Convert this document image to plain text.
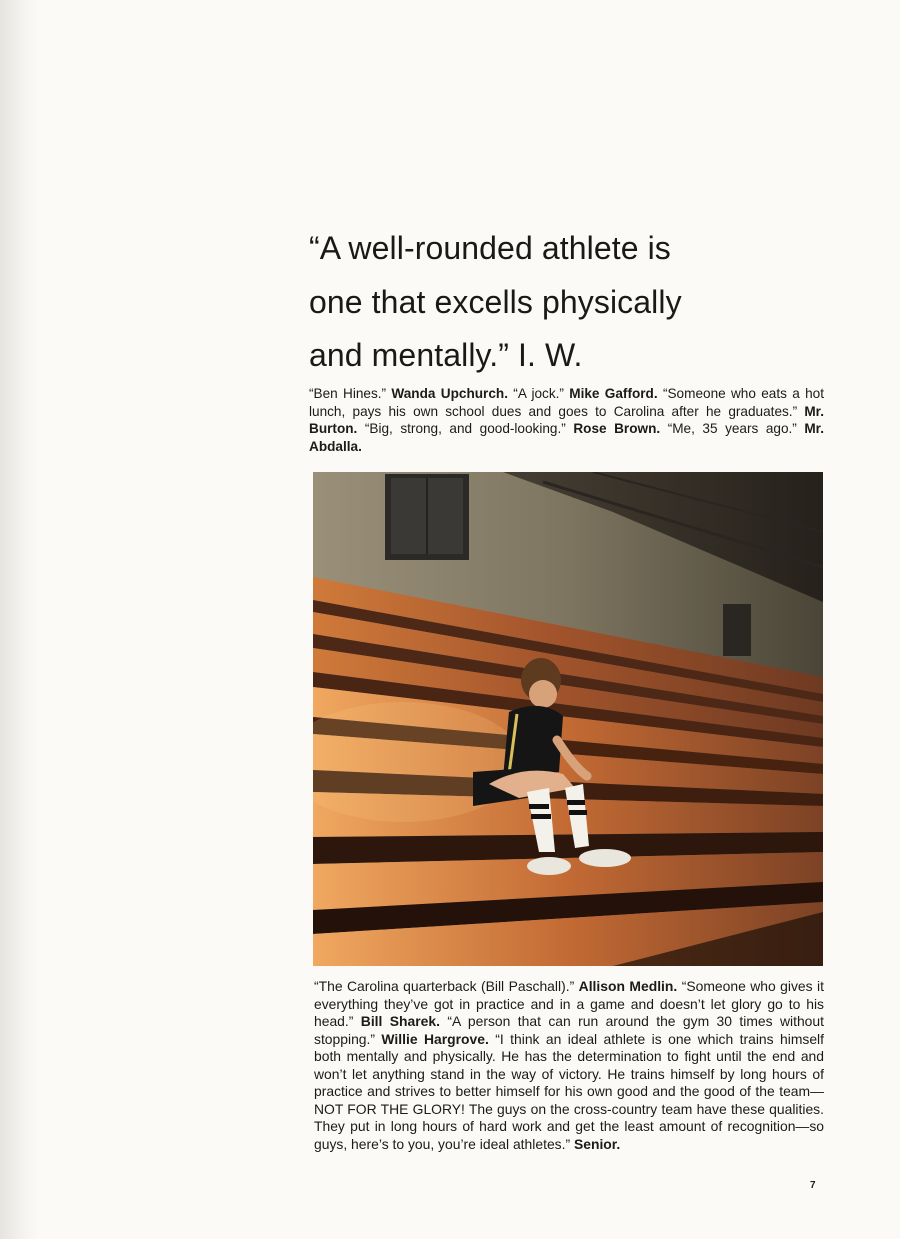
“A well-rounded athlete is
one that excells physically
and mentally.” I. W.

“Ben Hines.” Wanda Upchurch. “A jock.” Mike Gafford. “Someone who eats a hot lunch, pays his own school dues and goes to Carolina after he graduates.” Mr. Burton. “Big, strong, and good-looking.” Rose Brown. “Me, 35 years ago.” Mr. Abdalla.

“The Carolina quarterback (Bill Paschall).” Allison Medlin. “Someone who gives it everything they’ve got in practice and in a game and doesn’t let glory go to his head.” Bill Sharek. “A person that can run around the gym 30 times without stopping.” Willie Hargrove. “I think an ideal athlete is one which trains himself both mentally and physically. He has the determination to fight until the end and won’t let anything stand in the way of victory. He trains himself by long hours of practice and strives to better himself for his own good and the good of the team—NOT FOR THE GLORY! The guys on the cross-country team have these qualities. They put in long hours of hard work and get the least amount of recognition—so guys, here’s to you, you’re ideal athletes.” Senior.

7
